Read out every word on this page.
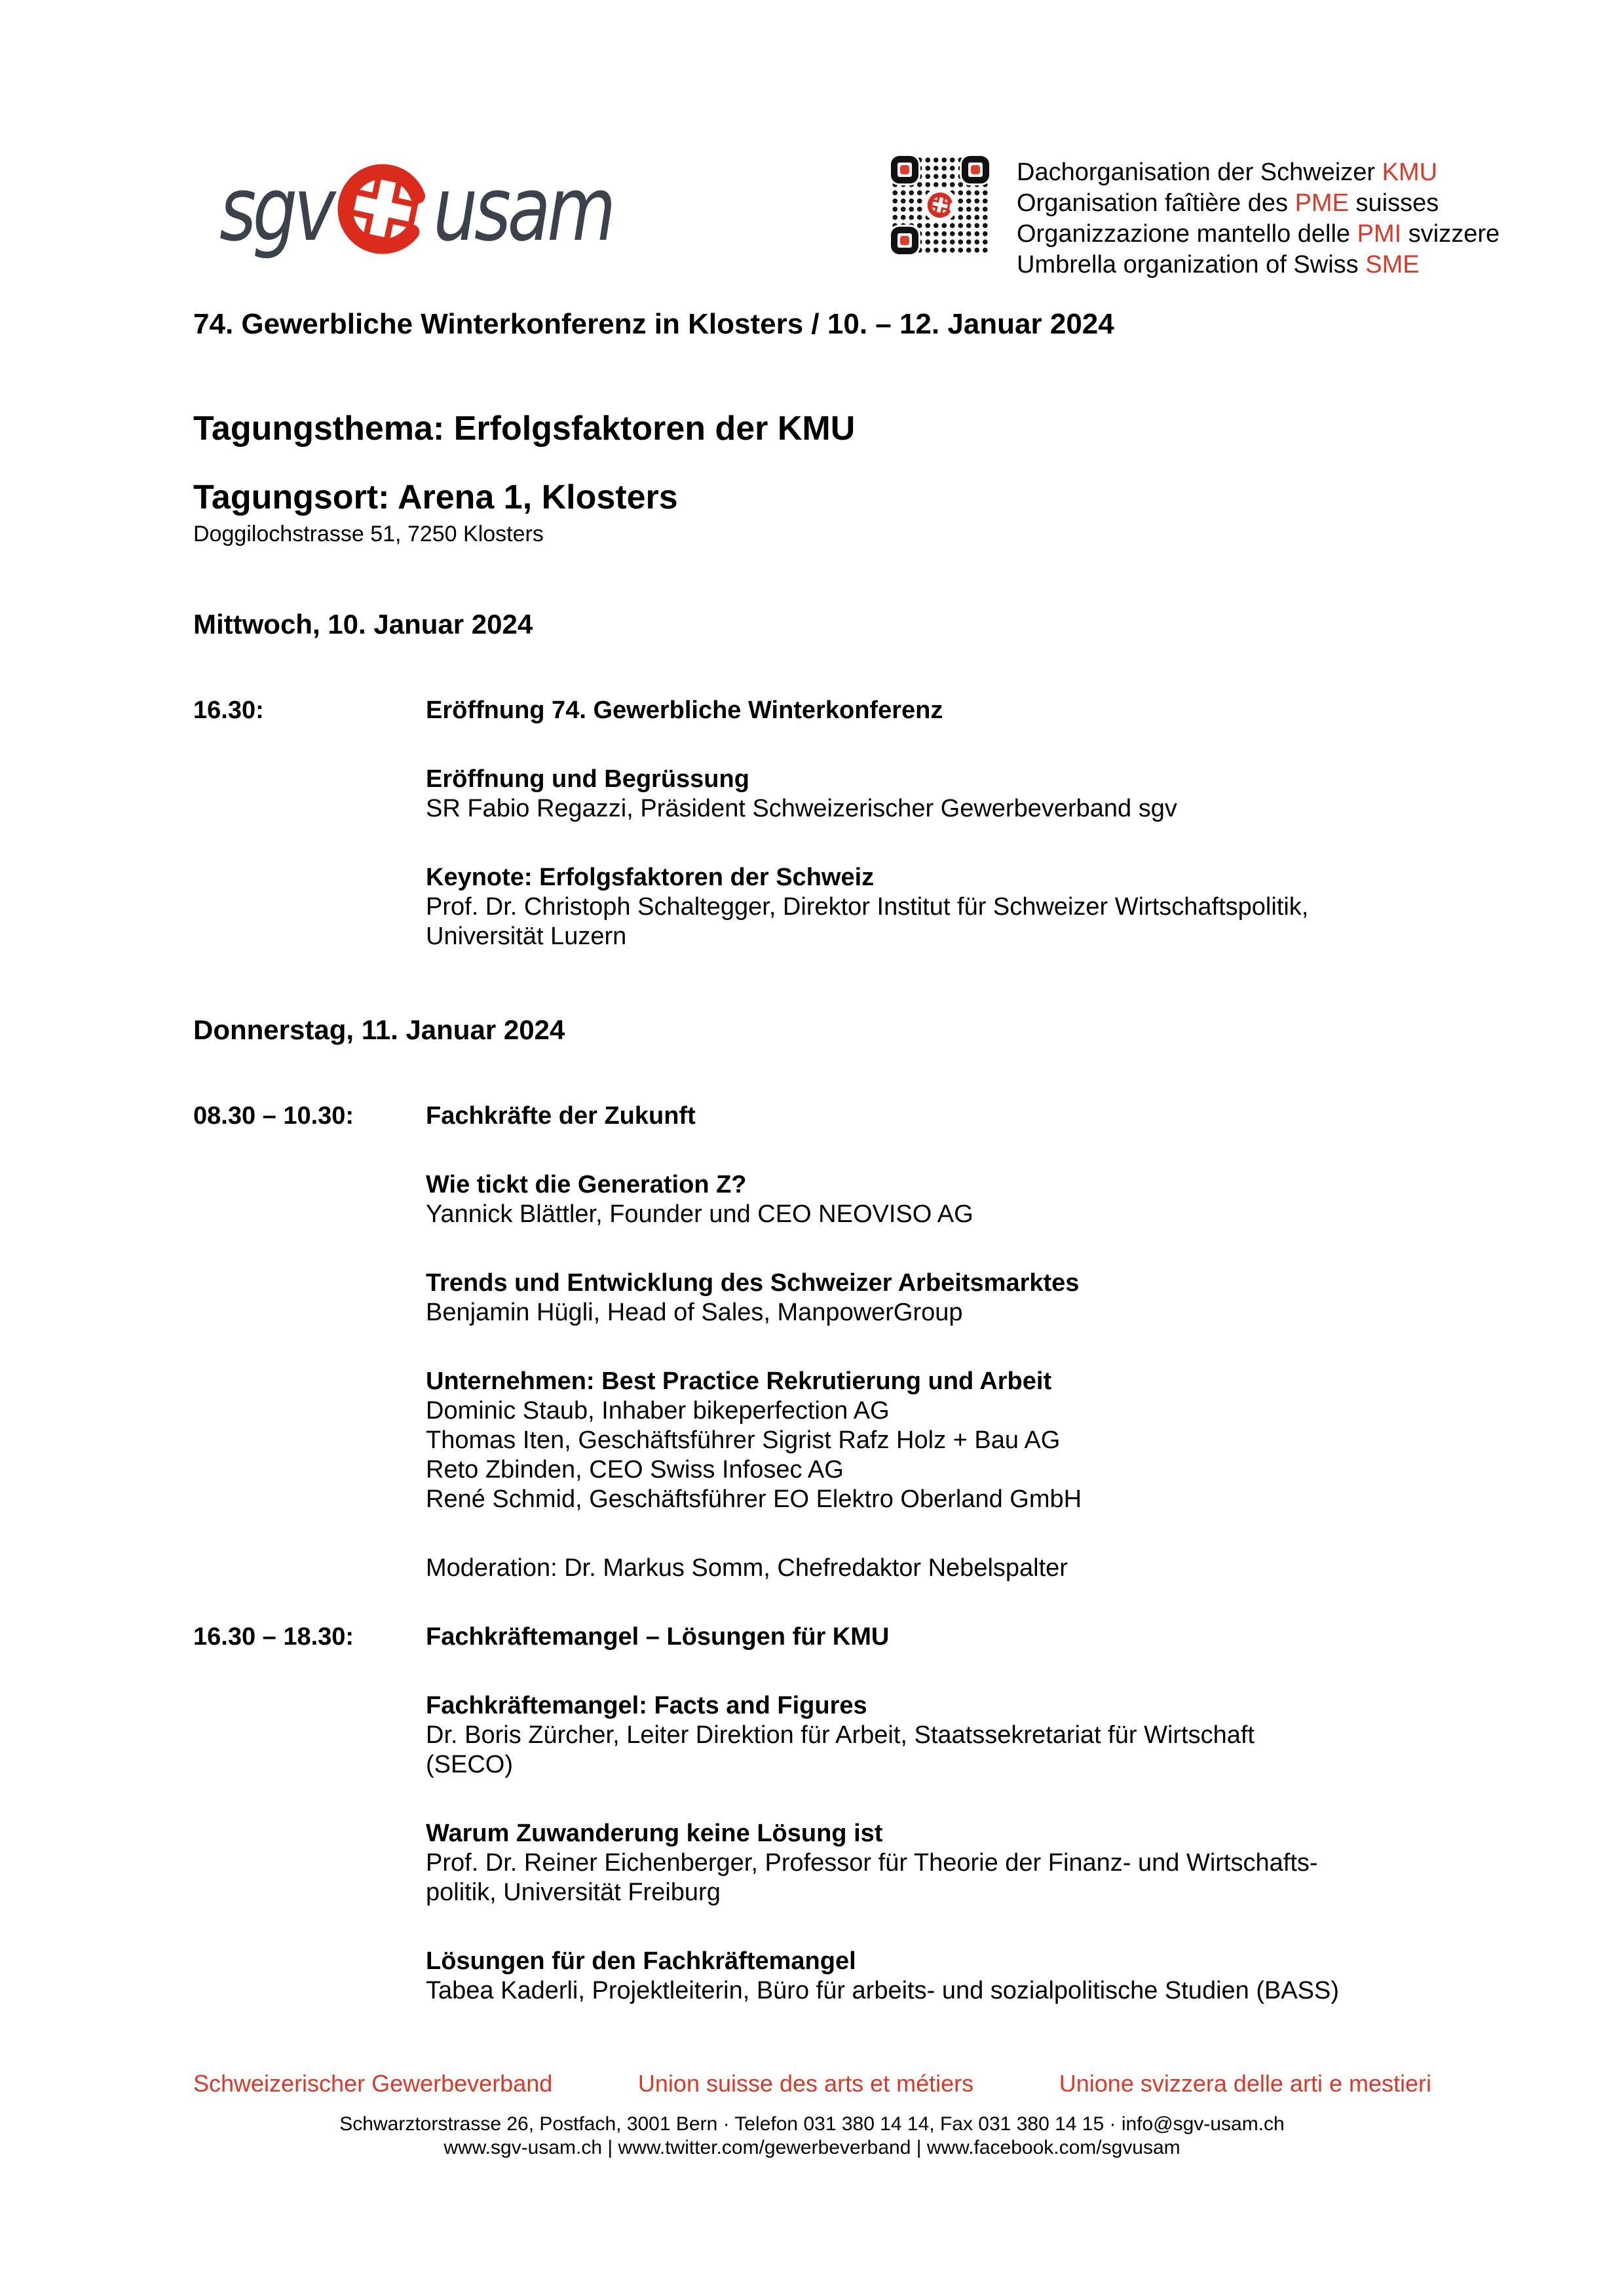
sgv usam	Dachorganisation der Schweizer KMU
Organisation faîtière des PME suisses
Organizzazione mantello delle PMI svizzere
Umbrella organization of Swiss SME
74. Gewerbliche Winterkonferenz in Klosters / 10. – 12. Januar 2024
Tagungsthema: Erfolgsfaktoren der KMU
Tagungsort: Arena 1, Klosters
Doggilochstrasse 51, 7250 Klosters
Mittwoch, 10. Januar 2024
16.30:	Eröffnung 74. Gewerbliche Winterkonferenz
Eröffnung und Begrüssung
SR Fabio Regazzi, Präsident Schweizerischer Gewerbeverband sgv
Keynote: Erfolgsfaktoren der Schweiz
Prof. Dr. Christoph Schaltegger, Direktor Institut für Schweizer Wirtschaftspolitik,
Universität Luzern
Donnerstag, 11. Januar 2024
08.30 – 10.30:	Fachkräfte der Zukunft
Wie tickt die Generation Z?
Yannick Blättler, Founder und CEO NEOVISO AG
Trends und Entwicklung des Schweizer Arbeitsmarktes
Benjamin Hügli, Head of Sales, ManpowerGroup
Unternehmen: Best Practice Rekrutierung und Arbeit
Dominic Staub, Inhaber bikeperfection AG
Thomas Iten, Geschäftsführer Sigrist Rafz Holz + Bau AG
Reto Zbinden, CEO Swiss Infosec AG
René Schmid, Geschäftsführer EO Elektro Oberland GmbH
Moderation: Dr. Markus Somm, Chefredaktor Nebelspalter
16.30 – 18.30:	Fachkräftemangel – Lösungen für KMU
Fachkräftemangel: Facts and Figures
Dr. Boris Zürcher, Leiter Direktion für Arbeit, Staatssekretariat für Wirtschaft
(SECO)
Warum Zuwanderung keine Lösung ist
Prof. Dr. Reiner Eichenberger, Professor für Theorie der Finanz- und Wirtschafts-
politik, Universität Freiburg
Lösungen für den Fachkräftemangel
Tabea Kaderli, Projektleiterin, Büro für arbeits- und sozialpolitische Studien (BASS)
Schweizerischer Gewerbeverband	Union suisse des arts et métiers	Unione svizzera delle arti e mestieri
Schwarztorstrasse 26, Postfach, 3001 Bern · Telefon 031 380 14 14, Fax 031 380 14 15 · info@sgv-usam.ch
www.sgv-usam.ch | www.twitter.com/gewerbeverband | www.facebook.com/sgvusam
